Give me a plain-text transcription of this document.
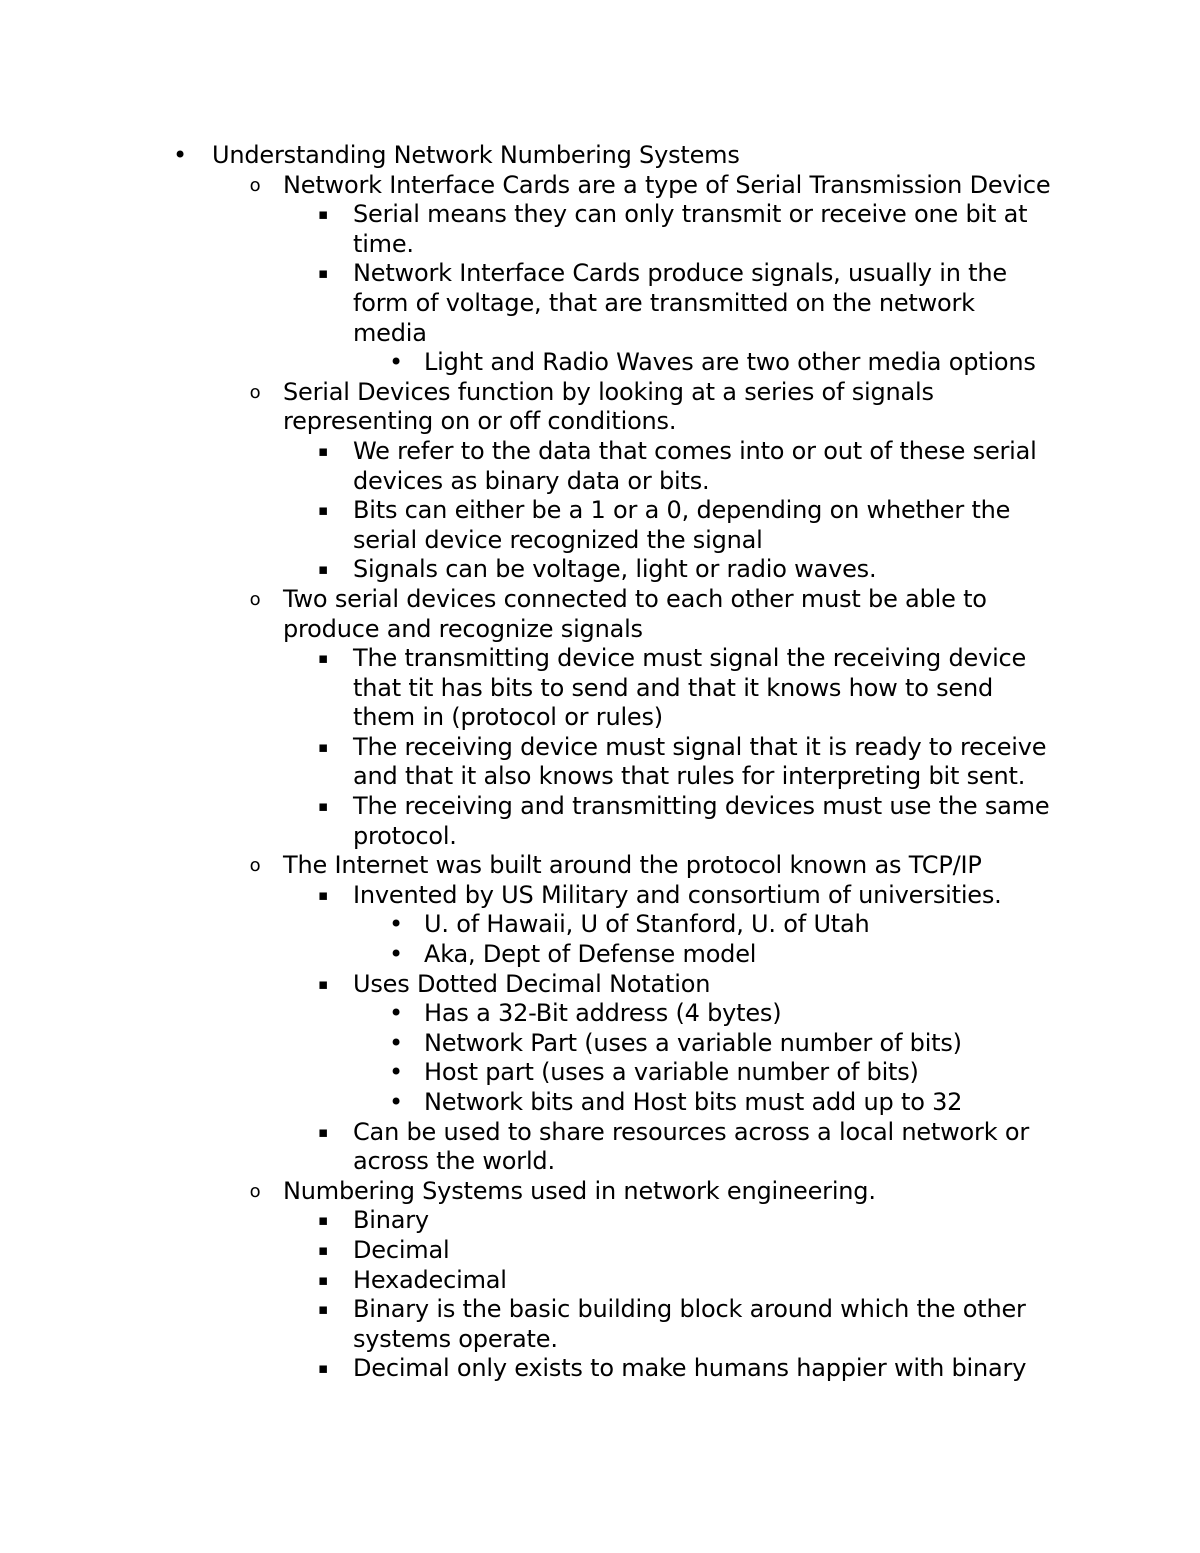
• Understanding Network Numbering Systems
o Network Interface Cards are a type of Serial Transmission Device
▪ Serial means they can only transmit or receive one bit at time.
▪ Network Interface Cards produce signals, usually in the form of voltage, that are transmitted on the network media
• Light and Radio Waves are two other media options
o Serial Devices function by looking at a series of signals representing on or off conditions.
▪ We refer to the data that comes into or out of these serial devices as binary data or bits.
▪ Bits can either be a 1 or a 0, depending on whether the serial device recognized the signal
▪ Signals can be voltage, light or radio waves.
o Two serial devices connected to each other must be able to produce and recognize signals
▪ The transmitting device must signal the receiving device that tit has bits to send and that it knows how to send them in (protocol or rules)
▪ The receiving device must signal that it is ready to receive and that it also knows that rules for interpreting bit sent.
▪ The receiving and transmitting devices must use the same protocol.
o The Internet was built around the protocol known as TCP/IP
▪ Invented by US Military and consortium of universities.
• U. of Hawaii, U of Stanford, U. of Utah
• Aka, Dept of Defense model
▪ Uses Dotted Decimal Notation
• Has a 32-Bit address (4 bytes)
• Network Part (uses a variable number of bits)
• Host part (uses a variable number of bits)
• Network bits and Host bits must add up to 32
▪ Can be used to share resources across a local network or across the world.
o Numbering Systems used in network engineering.
▪ Binary
▪ Decimal
▪ Hexadecimal
▪ Binary is the basic building block around which the other systems operate.
▪ Decimal only exists to make humans happier with binary
